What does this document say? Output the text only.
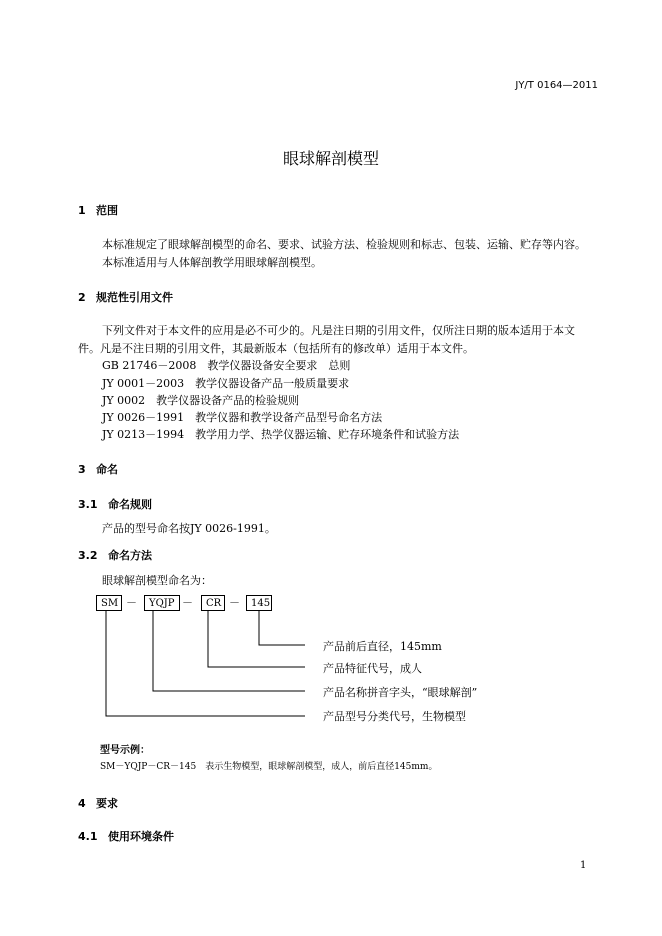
JY/T 0164—2011
眼球解剖模型
1 范围
本标准规定了眼球解剖模型的命名、要求、试验方法、检验规则和标志、包装、运输、贮存等内容。
本标准适用与人体解剖教学用眼球解剖模型。
2 规范性引用文件
下列文件对于本文件的应用是必不可少的。凡是注日期的引用文件，仅所注日期的版本适用于本文
件。凡是不注日期的引用文件，其最新版本（包括所有的修改单）适用于本文件。
GB 21746－2008　教学仪器设备安全要求　总则
JY 0001－2003　教学仪器设备产品一般质量要求
JY 0002　教学仪器设备产品的检验规则
JY 0026－1991　教学仪器和教学设备产品型号命名方法
JY 0213－1994　教学用力学、热学仪器运输、贮存环境条件和试验方法
3 命名
3.1 命名规则
产品的型号命名按JY 0026-1991。
3.2 命名方法
眼球解剖模型命名为：
SM －	YQJP －	CR －	145
产品前后直径，145mm
产品特征代号，成人
产品名称拼音字头，“眼球解剖”
产品型号分类代号，生物模型
型号示例：
SM－YQJP－CR－145　表示生物模型，眼球解剖模型，成人，前后直径145mm。
4 要求
4.1 使用环境条件
1
